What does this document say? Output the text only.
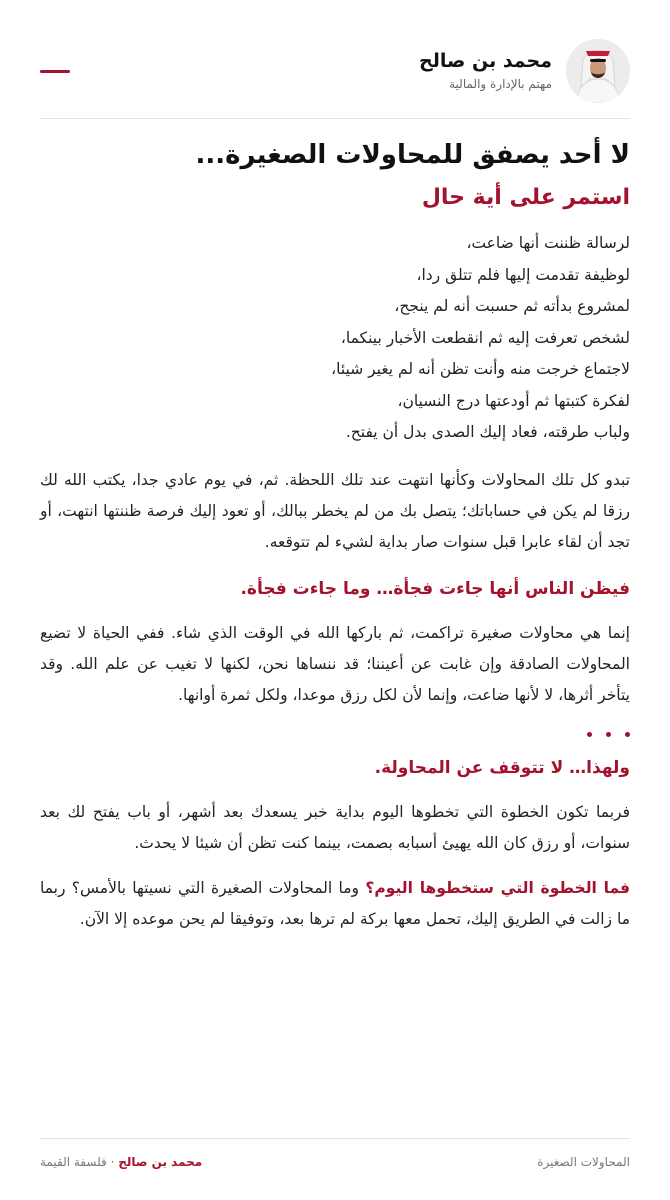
محمد بن صالح
مهتم بالإدارة والمالية
لا أحد يصفق للمحاولات الصغيرة...
استمر على أية حال
لرسالة ظننت أنها ضاعت،
لوظيفة تقدمت إليها فلم تتلق ردا،
لمشروع بدأته ثم حسبت أنه لم ينجح،
لشخص تعرفت إليه ثم انقطعت الأخبار بينكما،
لاجتماع خرجت منه وأنت تظن أنه لم يغير شيئا،
لفكرة كتبتها ثم أودعتها درج النسيان،
ولباب طرقته، فعاد إليك الصدى بدل أن يفتح.

تبدو كل تلك المحاولات وكأنها انتهت عند تلك اللحظة. ثم، في يوم عادي جدا، يكتب الله لك رزقا لم يكن في حساباتك؛ يتصل بك من لم يخطر ببالك، أو تعود إليك فرصة ظننتها انتهت، أو تجد أن لقاء عابرا قبل سنوات صار بداية لشيء لم تتوقعه.

فيظن الناس أنها جاءت فجأة… وما جاءت فجأة.

إنما هي محاولات صغيرة تراكمت، ثم باركها الله في الوقت الذي شاء. ففي الحياة لا تضيع المحاولات الصادقة وإن غابت عن أعيننا؛ قد ننساها نحن، لكنها لا تغيب عن علم الله. وقد يتأخر أثرها، لا لأنها ضاعت، وإنما لأن لكل رزق موعدا، ولكل ثمرة أوانها.

ولهذا… لا تتوقف عن المحاولة.

فربما تكون الخطوة التي تخطوها اليوم بداية خبر يسعدك بعد أشهر، أو باب يفتح لك بعد سنوات، أو رزق كان الله يهيئ أسبابه بصمت، بينما كنت تظن أن شيئا لا يحدث.

فما الخطوة التي ستخطوها اليوم؟ وما المحاولات الصغيرة التي نسيتها بالأمس؟ ربما ما زالت في الطريق إليك، تحمل معها بركة لم ترها بعد، وتوفيقا لم يحن موعده إلا الآن.

المحاولات الصغيرة
محمد بن صالح · فلسفة القيمة
